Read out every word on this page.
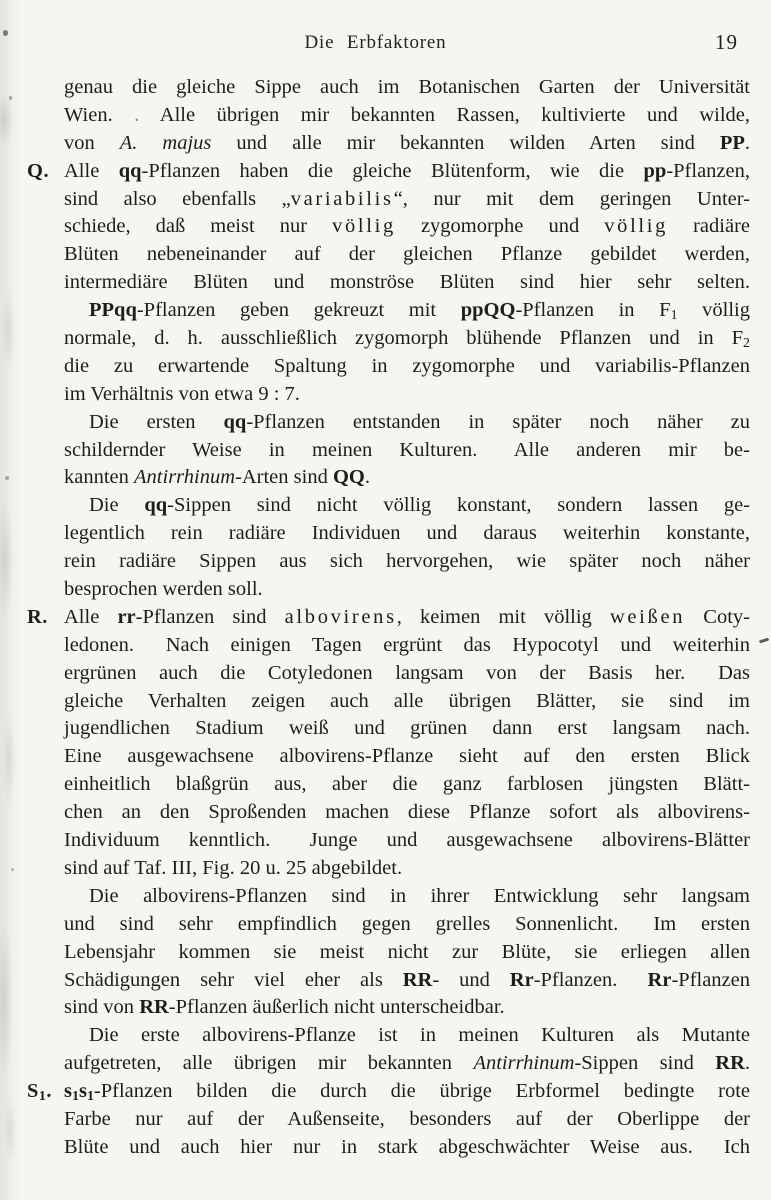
Die Erbfaktoren	19
genau die gleiche Sippe auch im Botanischen Garten der Universität
Wien. . Alle übrigen mir bekannten Rassen, kultivierte und wilde,
von A. majus und alle mir bekannten wilden Arten sind PP.
Q. Alle qq-Pflanzen haben die gleiche Blütenform, wie die pp-Pflanzen,
sind also ebenfalls „variabilis“, nur mit dem geringen Unter-
schiede, daß meist nur völlig zygomorphe und völlig radiäre
Blüten nebeneinander auf der gleichen Pflanze gebildet werden,
intermediäre Blüten und monströse Blüten sind hier sehr selten.
PPqq-Pflanzen geben gekreuzt mit ppQQ-Pflanzen in F1 völlig
normale, d. h. ausschließlich zygomorph blühende Pflanzen und in F2
die zu erwartende Spaltung in zygomorphe und variabilis-Pflanzen
im Verhältnis von etwa 9 : 7.
Die ersten qq-Pflanzen entstanden in später noch näher zu
schildernder Weise in meinen Kulturen.  Alle anderen mir be-
kannten Antirrhinum-Arten sind QQ.
Die qq-Sippen sind nicht völlig konstant, sondern lassen ge-
legentlich rein radiäre Individuen und daraus weiterhin konstante,
rein radiäre Sippen aus sich hervorgehen, wie später noch näher
besprochen werden soll.
R. Alle rr-Pflanzen sind albovirens, keimen mit völlig weißen Coty-
ledonen.  Nach einigen Tagen ergrünt das Hypocotyl und weiterhin
ergrünen auch die Cotyledonen langsam von der Basis her.  Das
gleiche Verhalten zeigen auch alle übrigen Blätter, sie sind im
jugendlichen Stadium weiß und grünen dann erst langsam nach.
Eine ausgewachsene albovirens-Pflanze sieht auf den ersten Blick
einheitlich blaßgrün aus, aber die ganz farblosen jüngsten Blätt-
chen an den Sproßenden machen diese Pflanze sofort als albovirens-
Individuum kenntlich.  Junge und ausgewachsene albovirens-Blätter
sind auf Taf. III, Fig. 20 u. 25 abgebildet.
Die albovirens-Pflanzen sind in ihrer Entwicklung sehr langsam
und sind sehr empfindlich gegen grelles Sonnenlicht.  Im ersten
Lebensjahr kommen sie meist nicht zur Blüte, sie erliegen allen
Schädigungen sehr viel eher als RR- und Rr-Pflanzen.  Rr-Pflanzen
sind von RR-Pflanzen äußerlich nicht unterscheidbar.
Die erste albovirens-Pflanze ist in meinen Kulturen als Mutante
aufgetreten, alle übrigen mir bekannten Antirrhinum-Sippen sind RR.
S1. s1s1-Pflanzen bilden die durch die übrige Erbformel bedingte rote
Farbe nur auf der Außenseite, besonders auf der Oberlippe der
Blüte und auch hier nur in stark abgeschwächter Weise aus.  Ich
